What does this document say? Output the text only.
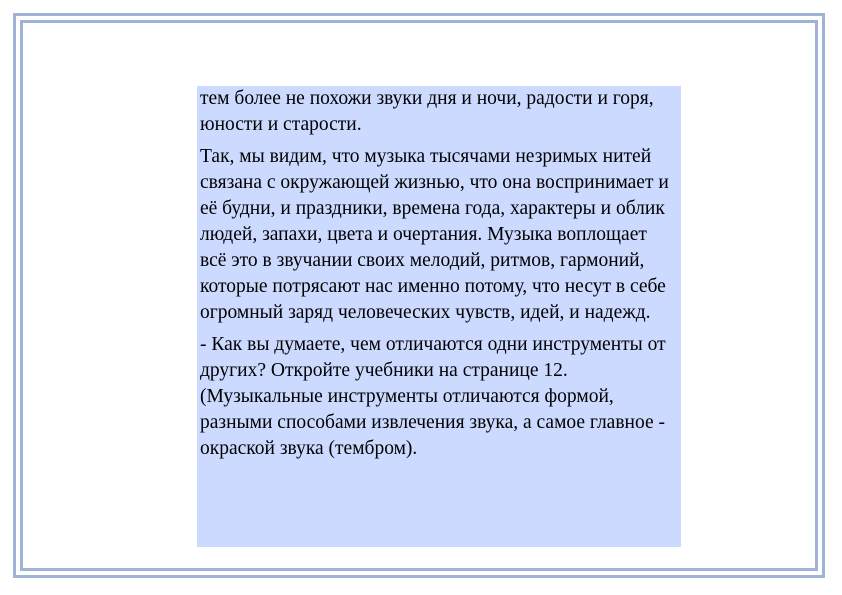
тем более не похожи звуки дня и ночи, радости и горя, юности и старости.

Так, мы видим, что музыка тысячами незримых нитей связана с окружающей жизнью, что она воспринимает и её будни, и праздники, времена года, характеры и облик людей, запахи, цвета и очертания. Музыка воплощает всё это в звучании своих мелодий, ритмов, гармоний, которые потрясают нас именно потому, что несут в себе огромный заряд человеческих чувств, идей, и надежд.

- Как вы думаете, чем отличаются одни инструменты от других? Откройте учебники на странице 12. (Музыкальные инструменты отличаются формой, разными способами извлечения звука, а самое главное - окраской звука (тембром).
